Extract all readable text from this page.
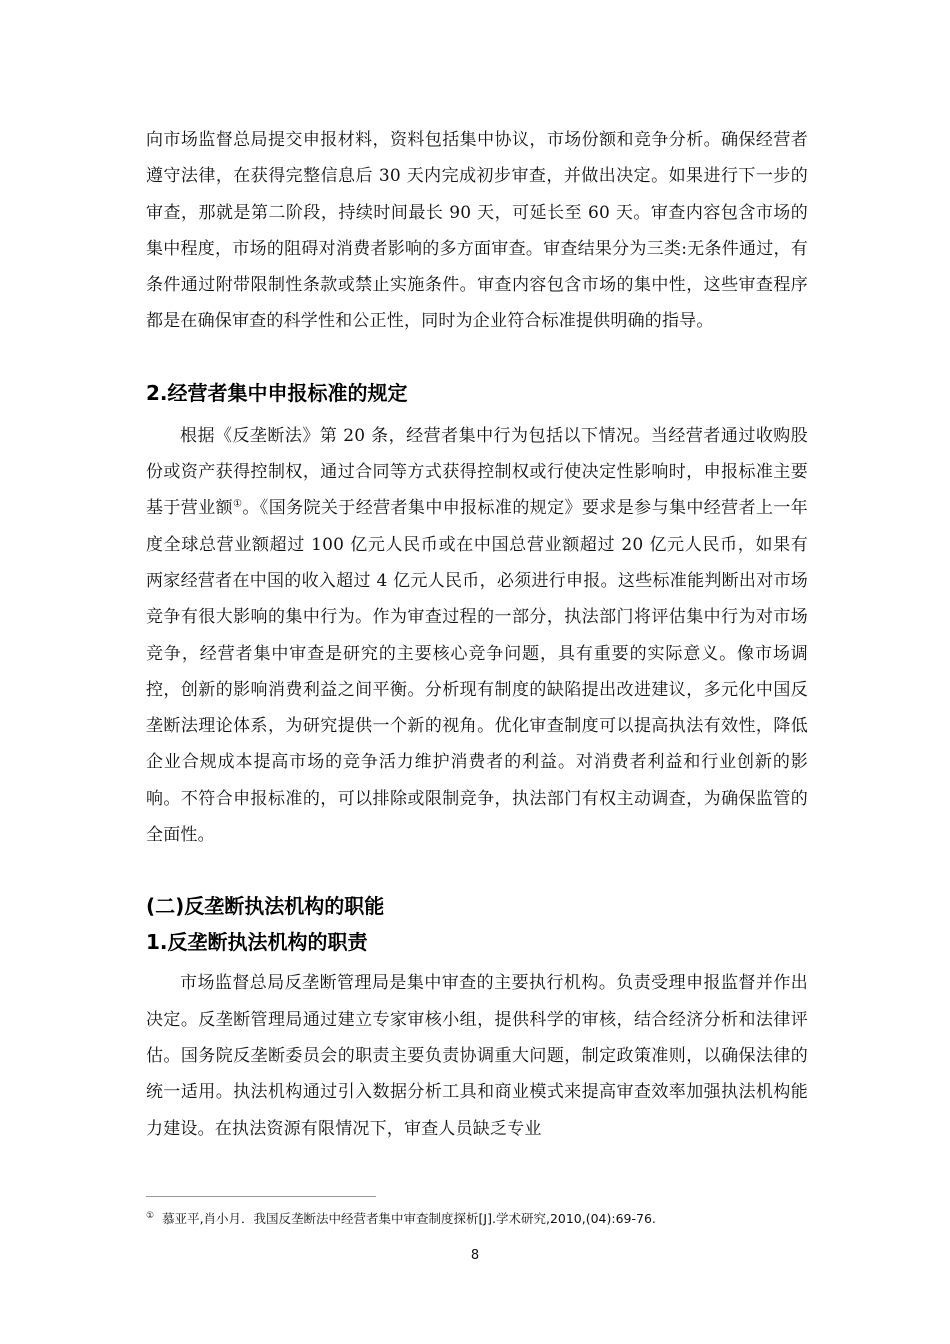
向市场监督总局提交申报材料，资料包括集中协议，市场份额和竞争分析。确保经营者遵守法律，在获得完整信息后 30 天内完成初步审查，并做出决定。如果进行下一步的审查，那就是第二阶段，持续时间最长 90 天，可延长至 60 天。审查内容包含市场的集中程度，市场的阻碍对消费者影响的多方面审查。审查结果分为三类:无条件通过，有条件通过附带限制性条款或禁止实施条件。审查内容包含市场的集中性，这些审查程序都是在确保审查的科学性和公正性，同时为企业符合标准提供明确的指导。

2.经营者集中申报标准的规定

根据《反垄断法》第 20 条，经营者集中行为包括以下情况。当经营者通过收购股份或资产获得控制权，通过合同等方式获得控制权或行使决定性影响时，申报标准主要基于营业额①。《国务院关于经营者集中申报标准的规定》要求是参与集中经营者上一年度全球总营业额超过 100 亿元人民币或在中国总营业额超过 20 亿元人民币，如果有两家经营者在中国的收入超过 4 亿元人民币，必须进行申报。这些标准能判断出对市场竞争有很大影响的集中行为。作为审查过程的一部分，执法部门将评估集中行为对市场竞争，经营者集中审查是研究的主要核心竞争问题，具有重要的实际意义。像市场调控，创新的影响消费利益之间平衡。分析现有制度的缺陷提出改进建议，多元化中国反垄断法理论体系，为研究提供一个新的视角。优化审查制度可以提高执法有效性，降低企业合规成本提高市场的竞争活力维护消费者的利益。对消费者利益和行业创新的影响。不符合申报标准的，可以排除或限制竞争，执法部门有权主动调查，为确保监管的全面性。

(二)反垄断执法机构的职能
1.反垄断执法机构的职责

市场监督总局反垄断管理局是集中审查的主要执行机构。负责受理申报监督并作出决定。反垄断管理局通过建立专家审核小组，提供科学的审核，结合经济分析和法律评估。国务院反垄断委员会的职责主要负责协调重大问题，制定政策准则，以确保法律的统一适用。执法机构通过引入数据分析工具和商业模式来提高审查效率加强执法机构能力建设。在执法资源有限情况下，审查人员缺乏专业

① 慕亚平,肖小月．我国反垄断法中经营者集中审查制度探析[J].学术研究,2010,(04):69-76.
8
